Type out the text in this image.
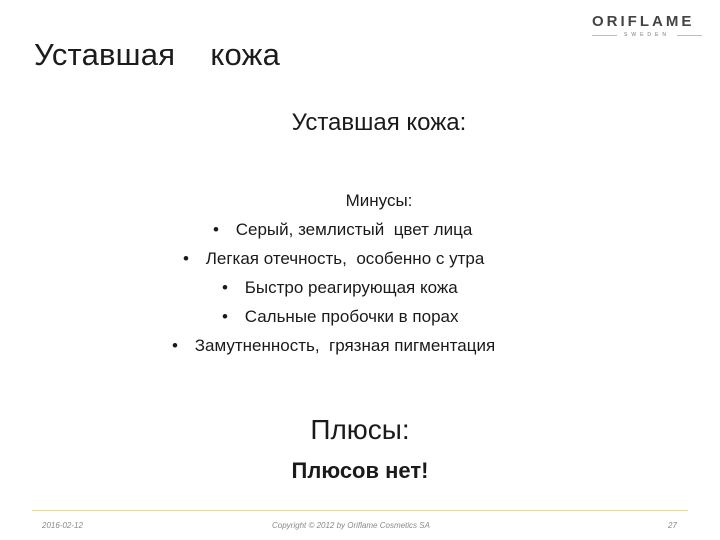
Уставшая    кожа
ORIFLAME
SWEDEN
Уставшая кожа:
Минусы:
• Серый, землистый  цвет лица
• Легкая отечность,  особенно с утра
• Быстро реагирующая кожа
• Сальные пробочки в порах
• Замутненность,  грязная пигментация
Плюсы:
Плюсов нет!
2016-02-12	Copyright © 2012 by Oriflame Cosmetics SA	27
